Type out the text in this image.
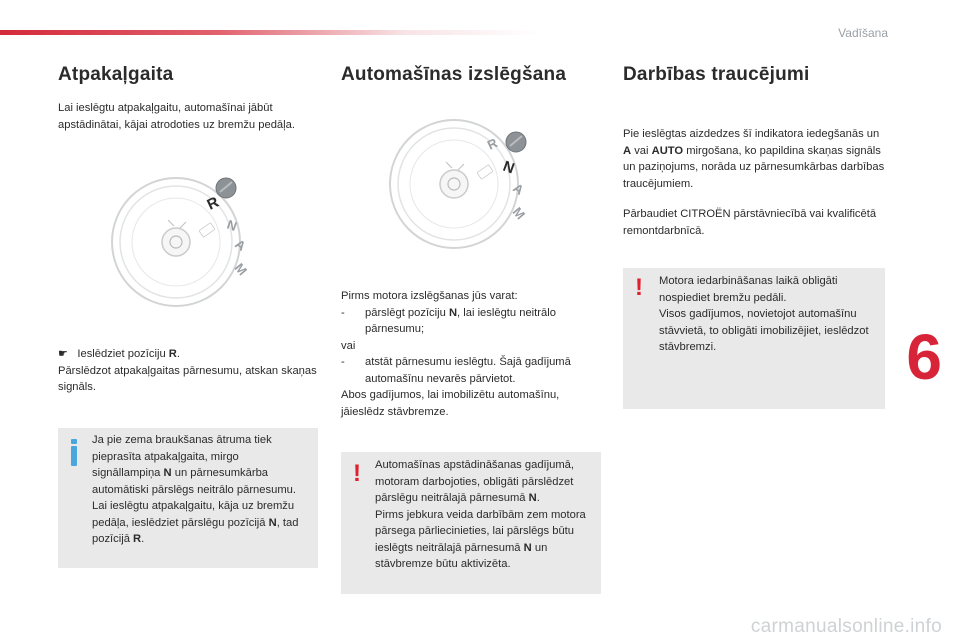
Vadīšana
Atpakaļgaita

Lai ieslēgtu atpakaļgaitu, automašīnai jābūt apstādinātai, kājai atrodoties uz bremžu pedāļa.

R
N
A
M
☛   Ieslēdziet pozīciju R.
Pārslēdzot atpakaļgaitas pārnesumu, atskan skaņas signāls.
Ja pie zema braukšanas ātruma tiek pieprasīta atpakaļgaita, mirgo signāllampiņa N un pārnesumkārba automātiski pārslēgs neitrālo pārnesumu. Lai ieslēgtu atpakaļgaitu, kāja uz bremžu pedāļa, ieslēdziet pārslēgu pozīcijā N, tad pozīcijā R.
Automašīnas izslēgšana
R
N
A
M
Pirms motora izslēgšanas jūs varat:
-	pārslēgt pozīciju N, lai ieslēgtu neitrālo pārnesumu;
vai
-	atstāt pārnesumu ieslēgtu. Šajā gadījumā automašīnu nevarēs pārvietot.
Abos gadījumos, lai imobilizētu automašīnu, jāieslēdz stāvbremze.
! Automašīnas apstādināšanas gadījumā, motoram darbojoties, obligāti pārslēdzet pārslēgu neitrālajā pārnesumā N.
Pirms jebkura veida darbībām zem motora pārsega pārliecinieties, lai pārslēgs būtu ieslēgts neitrālajā pārnesumā N un stāvbremze būtu aktivizēta.
Darbības traucējumi

Pie ieslēgtas aizdedzes šī indikatora iedegšanās un A vai AUTO mirgošana, ko papildina skaņas signāls un paziņojums, norāda uz pārnesumkārbas darbības traucējumiem.

Pārbaudiet CITROËN pārstāvniecībā vai kvalificētā remontdarbnīcā.

! Motora iedarbināšanas laikā obligāti nospiediet bremžu pedāli.
Visos gadījumos, novietojot automašīnu stāvvietā, to obligāti imobilizējiet, ieslēdzot stāvbremzi.	6
carmanualsonline.info
